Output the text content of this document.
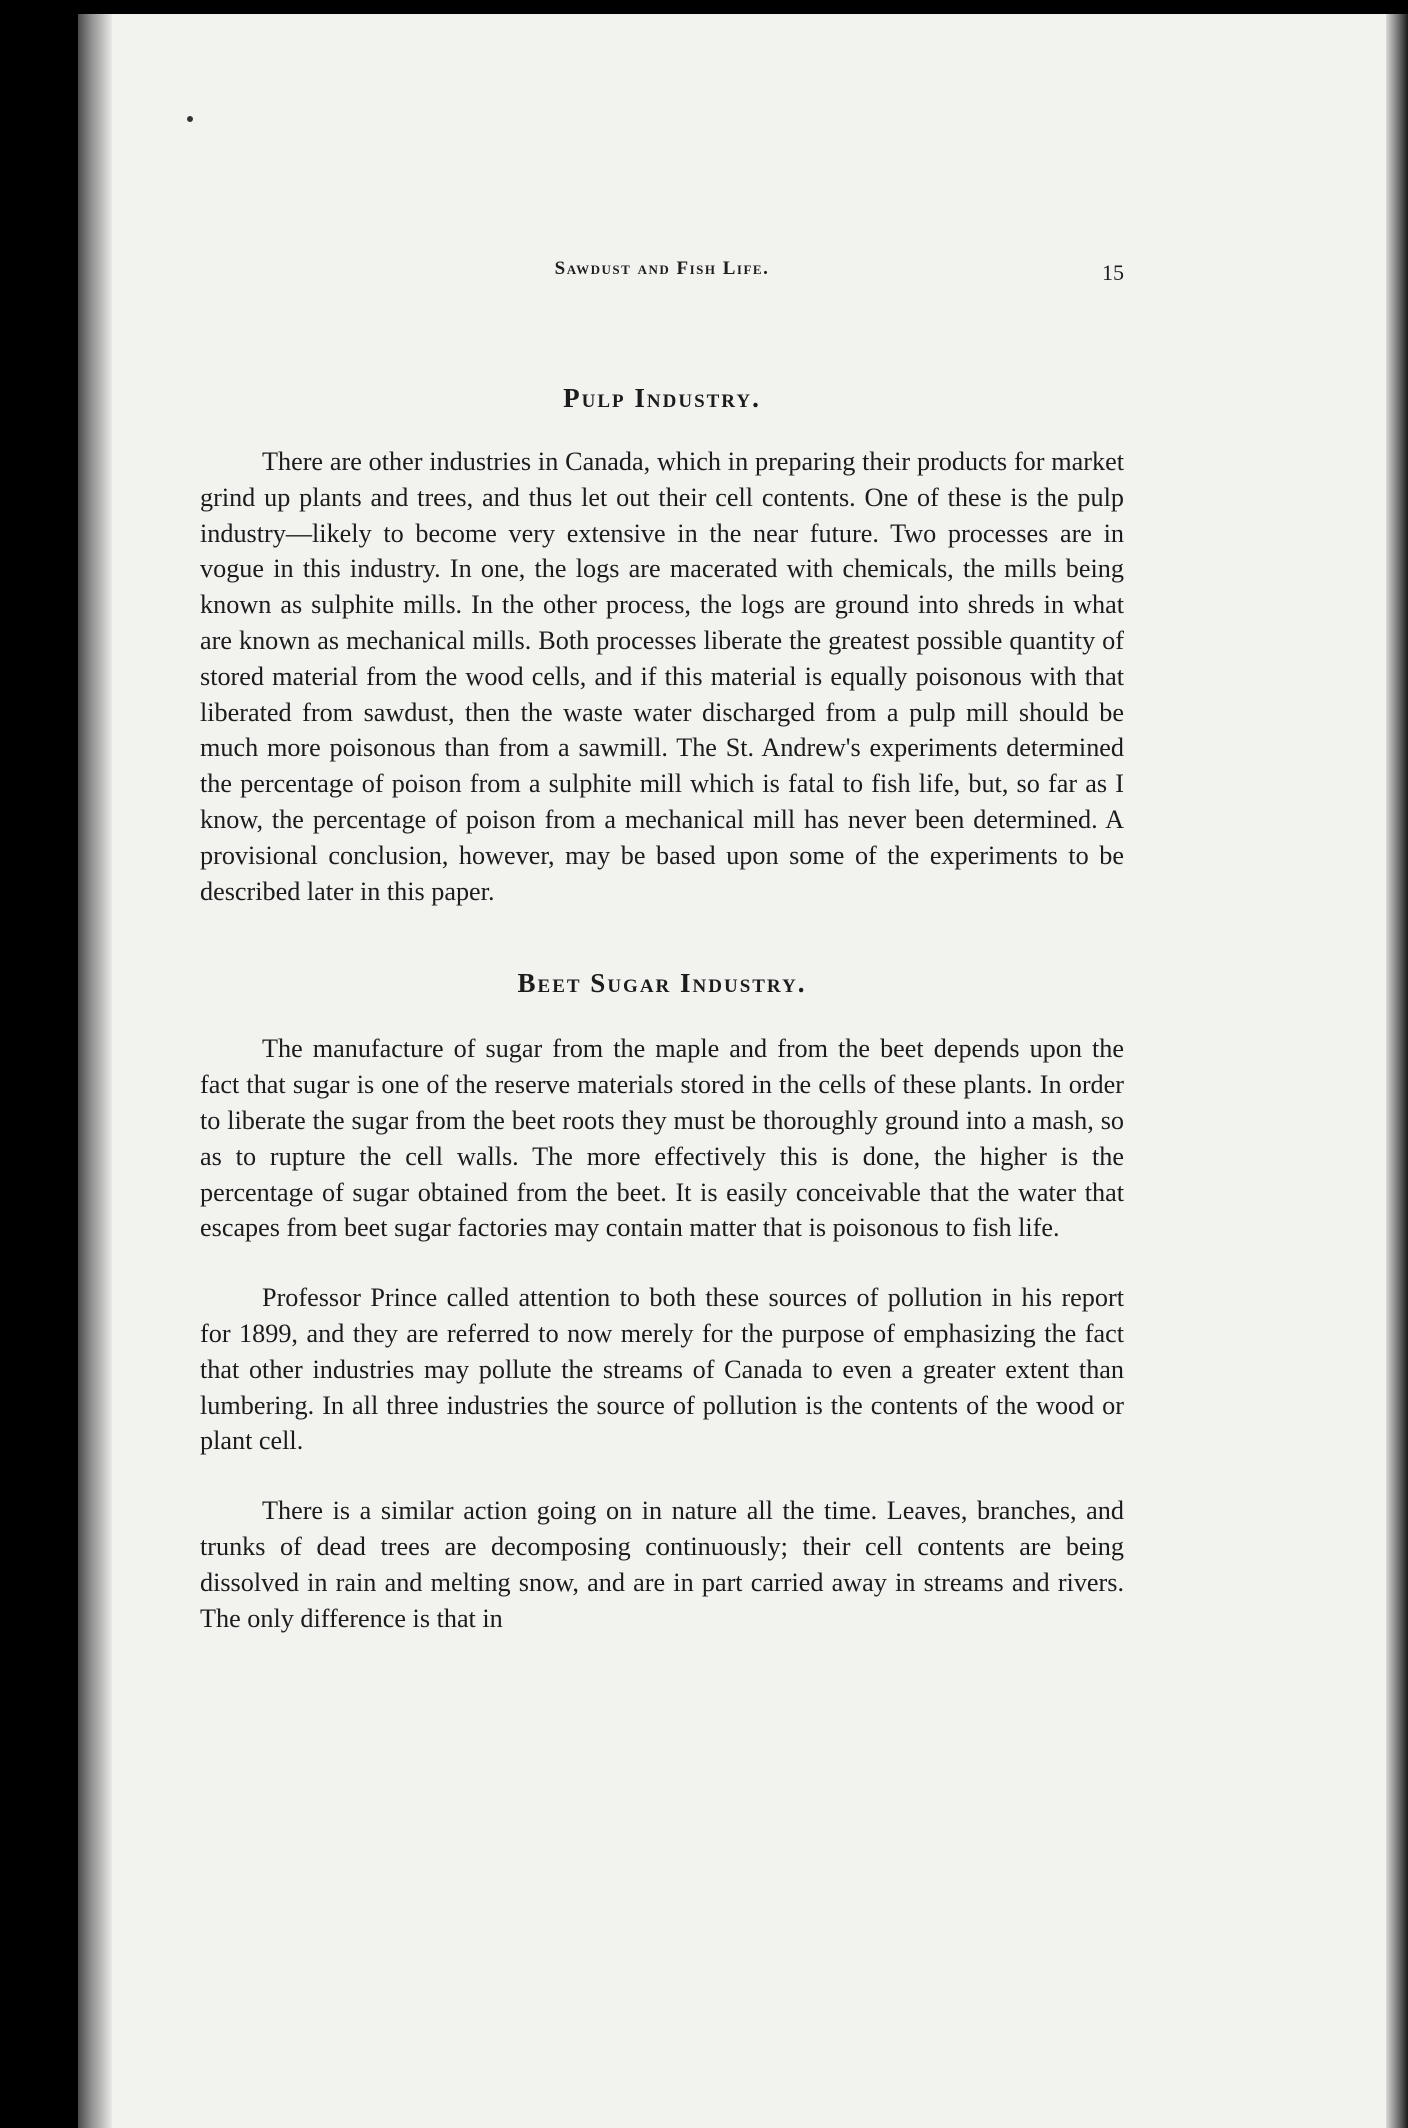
Sawdust and Fish Life.	15
Pulp Industry.

There are other industries in Canada, which in preparing their products for market grind up plants and trees, and thus let out their cell contents. One of these is the pulp industry—likely to become very extensive in the near future. Two processes are in vogue in this industry. In one, the logs are macerated with chemicals, the mills being known as sulphite mills. In the other process, the logs are ground into shreds in what are known as mechanical mills. Both processes liberate the greatest possible quantity of stored material from the wood cells, and if this material is equally poisonous with that liberated from sawdust, then the waste water discharged from a pulp mill should be much more poisonous than from a sawmill. The St. Andrew's experiments determined the percentage of poison from a sulphite mill which is fatal to fish life, but, so far as I know, the percentage of poison from a mechanical mill has never been determined. A provisional conclusion, however, may be based upon some of the experiments to be described later in this paper.

Beet Sugar Industry.

The manufacture of sugar from the maple and from the beet depends upon the fact that sugar is one of the reserve materials stored in the cells of these plants. In order to liberate the sugar from the beet roots they must be thoroughly ground into a mash, so as to rupture the cell walls. The more effectively this is done, the higher is the percentage of sugar obtained from the beet. It is easily conceivable that the water that escapes from beet sugar factories may contain matter that is poisonous to fish life.

Professor Prince called attention to both these sources of pollution in his report for 1899, and they are referred to now merely for the purpose of emphasizing the fact that other industries may pollute the streams of Canada to even a greater extent than lumbering. In all three industries the source of pollution is the contents of the wood or plant cell.

There is a similar action going on in nature all the time. Leaves, branches, and trunks of dead trees are decomposing continuously; their cell contents are being dissolved in rain and melting snow, and are in part carried away in streams and rivers. The only difference is that in
